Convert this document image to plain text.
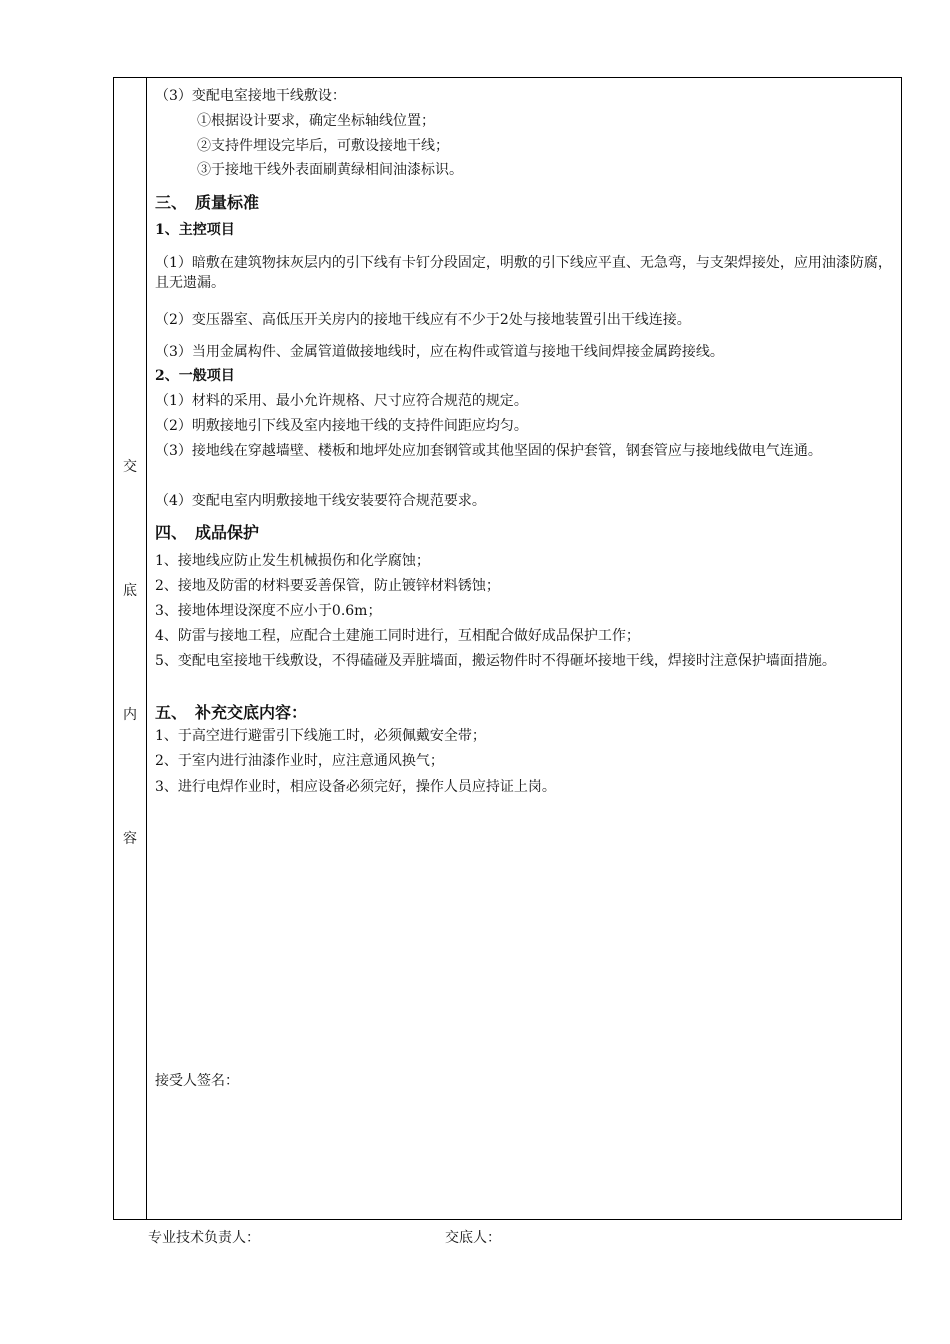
交
底
内
容
（3）变配电室接地干线敷设：
①根据设计要求，确定坐标轴线位置；
②支持件埋设完毕后，可敷设接地干线；
③于接地干线外表面刷黄绿相间油漆标识。
三、　质量标准
1、主控项目
（1）暗敷在建筑物抹灰层内的引下线有卡钉分段固定，明敷的引下线应平直、无急弯，与支架焊接处，应用油漆防腐，且无遗漏。
（2）变压器室、高低压开关房内的接地干线应有不少于2处与接地装置引出干线连接。
（3）当用金属构件、金属管道做接地线时，应在构件或管道与接地干线间焊接金属跨接线。
2、一般项目
（1）材料的采用、最小允许规格、尺寸应符合规范的规定。
（2）明敷接地引下线及室内接地干线的支持件间距应均匀。
（3）接地线在穿越墙壁、楼板和地坪处应加套钢管或其他坚固的保护套管，钢套管应与接地线做电气连通。
（4）变配电室内明敷接地干线安装要符合规范要求。
四、　成品保护
1、接地线应防止发生机械损伤和化学腐蚀；
2、接地及防雷的材料要妥善保管，防止镀锌材料锈蚀；
3、接地体埋设深度不应小于0.6m；
4、防雷与接地工程，应配合土建施工同时进行，互相配合做好成品保护工作；
5、变配电室接地干线敷设，不得磕碰及弄脏墙面，搬运物件时不得砸坏接地干线，焊接时注意保护墙面措施。
五、　补充交底内容：
1、于高空进行避雷引下线施工时，必须佩戴安全带；
2、于室内进行油漆作业时，应注意通风换气；
3、进行电焊作业时，相应设备必须完好，操作人员应持证上岗。
接受人签名：
专业技术负责人：	交底人：
